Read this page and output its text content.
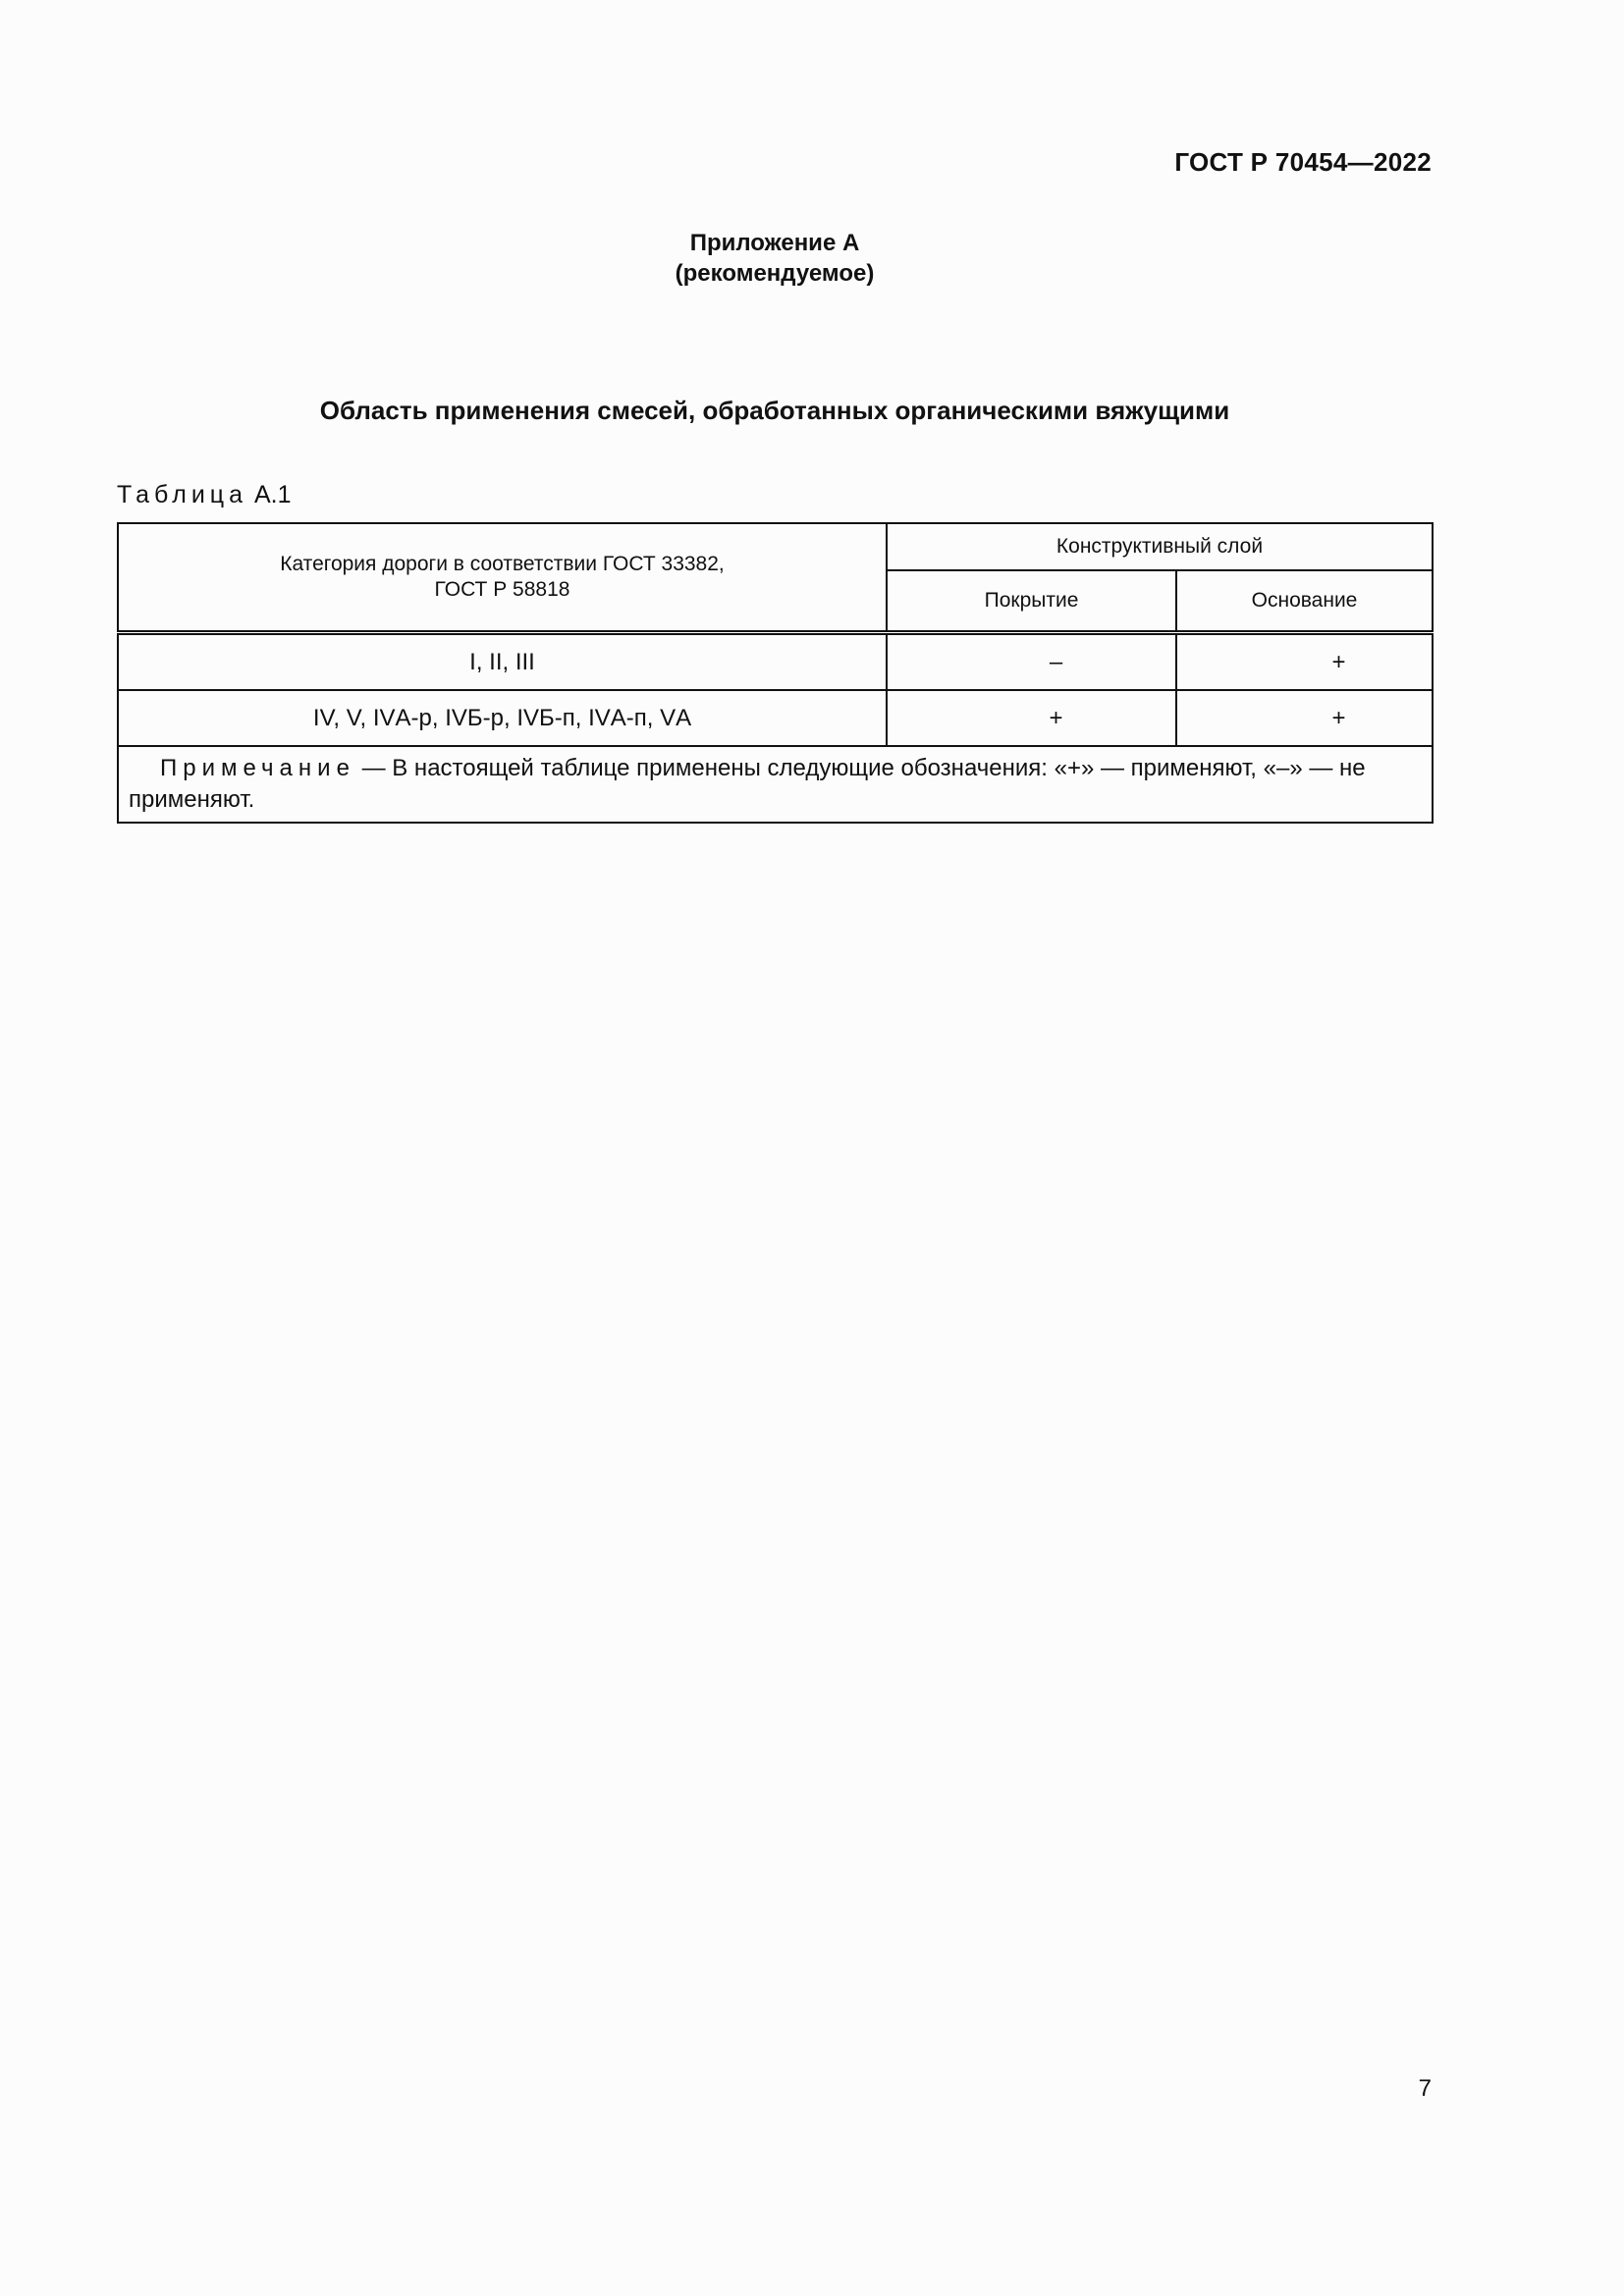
ГОСТ Р 70454—2022
Приложение А
(рекомендуемое)
Область применения смесей, обработанных органическими вяжущими
Таблица А.1
Категория дороги в соответствии ГОСТ 33382,
ГОСТ Р 58818	Конструктивный слой	
	Покрытие	Основание
I, II, III	–	+
IV, V, IVА-р, IVБ-р, IVБ-п, IVА-п, VА	+	+
Примечание — В настоящей таблице применены следующие обозначения: «+» — применяют, «–» — не применяют.		
7
